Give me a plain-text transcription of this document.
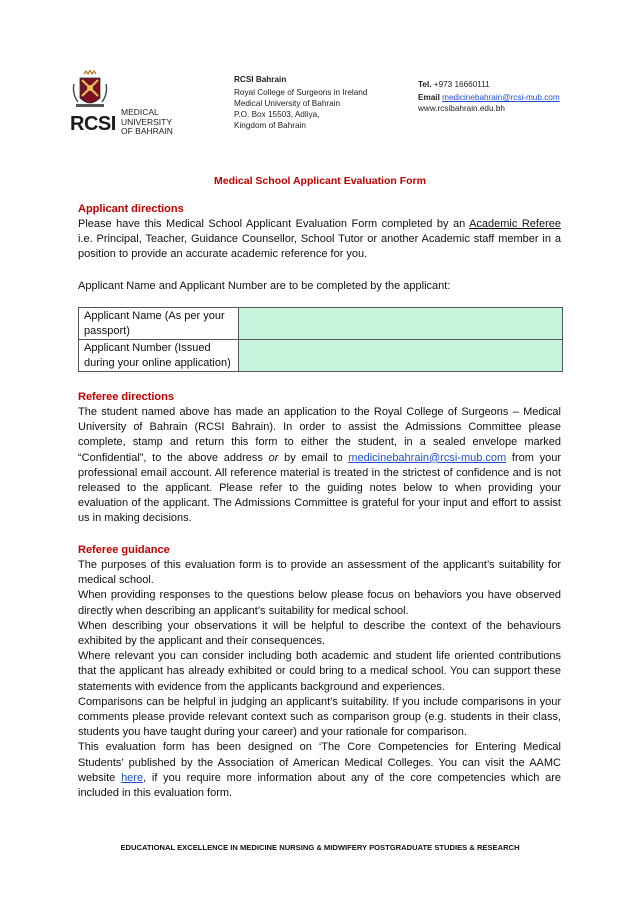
RCSI
MEDICAL
UNIVERSITY
OF BAHRAIN
RCSI Bahrain
Royal College of Surgeons in Ireland
Medical University of Bahrain
P.O. Box 15503, Adliya,
Kingdom of Bahrain
Tel. +973 16660111
Email medicinebahrain@rcsi-mub.com
www.rcsibahrain.edu.bh
Medical School Applicant Evaluation Form
Applicant directions
Please have this Medical School Applicant Evaluation Form completed by an Academic Referee i.e. Principal, Teacher, Guidance Counsellor, School Tutor or another Academic staff member in a position to provide an accurate academic reference for you.
Applicant Name and Applicant Number are to be completed by the applicant:
Applicant Name (As per your passport)	
Applicant Number (Issued during your online application)	
Referee directions
The student named above has made an application to the Royal College of Surgeons – Medical University of Bahrain (RCSI Bahrain). In order to assist the Admissions Committee please complete, stamp and return this form to either the student, in a sealed envelope marked “Confidential”, to the above address or by email to medicinebahrain@rcsi-mub.com from your professional email account. All reference material is treated in the strictest of confidence and is not released to the applicant. Please refer to the guiding notes below to when providing your evaluation of the applicant. The Admissions Committee is grateful for your input and effort to assist us in making decisions.
Referee guidance
The purposes of this evaluation form is to provide an assessment of the applicant’s suitability for medical school.
When providing responses to the questions below please focus on behaviors you have observed directly when describing an applicant’s suitability for medical school.
When describing your observations it will be helpful to describe the context of the behaviours exhibited by the applicant and their consequences.
Where relevant you can consider including both academic and student life oriented contributions that the applicant has already exhibited or could bring to a medical school. You can support these statements with evidence from the applicants background and experiences.
Comparisons can be helpful in judging an applicant’s suitability. If you include comparisons in your comments please provide relevant context such as comparison group (e.g. students in their class, students you have taught during your career) and your rationale for comparison.
This evaluation form has been designed on ‘The Core Competencies for Entering Medical Students’ published by the Association of American Medical Colleges. You can visit the AAMC website here, if you require more information about any of the core competencies which are included in this evaluation form.
EDUCATIONAL EXCELLENCE IN MEDICINE NURSING & MIDWIFERY POSTGRADUATE STUDIES & RESEARCH
